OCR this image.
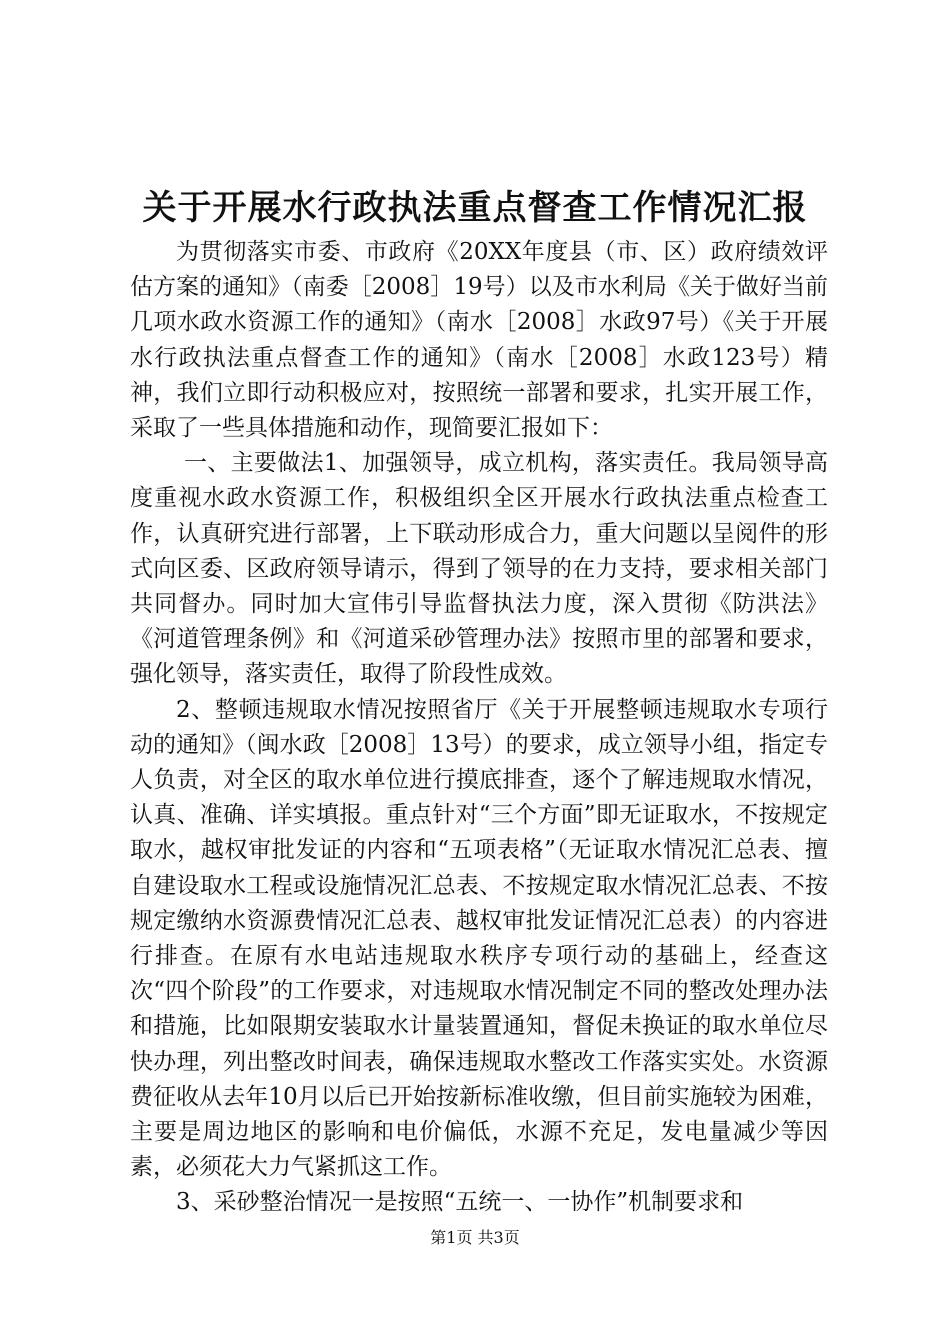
关于开展水行政执法重点督查工作情况汇报

为贯彻落实市委、市政府《20XX年度县（市、区）政府绩效评估方案的通知》（南委［2008］19号）以及市水利局《关于做好当前几项水政水资源工作的通知》（南水［2008］水政97号）《关于开展水行政执法重点督查工作的通知》（南水［2008］水政123号）精神，我们立即行动积极应对，按照统一部署和要求，扎实开展工作，采取了一些具体措施和动作，现简要汇报如下：

一、主要做法1、加强领导，成立机构，落实责任。我局领导高度重视水政水资源工作，积极组织全区开展水行政执法重点检查工作，认真研究进行部署，上下联动形成合力，重大问题以呈阅件的形式向区委、区政府领导请示，得到了领导的在力支持，要求相关部门共同督办。同时加大宣伟引导监督执法力度，深入贯彻《防洪法》《河道管理条例》和《河道采砂管理办法》按照市里的部署和要求，强化领导，落实责任，取得了阶段性成效。

2、整顿违规取水情况按照省厅《关于开展整顿违规取水专项行动的通知》（闽水政［2008］13号）的要求，成立领导小组，指定专人负责，对全区的取水单位进行摸底排查，逐个了解违规取水情况，认真、准确、详实填报。重点针对“三个方面”即无证取水，不按规定取水，越权审批发证的内容和“五项表格”（无证取水情况汇总表、擅自建设取水工程或设施情况汇总表、不按规定取水情况汇总表、不按规定缴纳水资源费情况汇总表、越权审批发证情况汇总表）的内容进行排查。在原有水电站违规取水秩序专项行动的基础上，经查这次“四个阶段”的工作要求，对违规取水情况制定不同的整改处理办法和措施，比如限期安装取水计量装置通知，督促未换证的取水单位尽快办理，列出整改时间表，确保违规取水整改工作落实实处。水资源费征收从去年10月以后已开始按新标准收缴，但目前实施较为困难，主要是周边地区的影响和电价偏低，水源不充足，发电量减少等因素，必须花大力气紧抓这工作。

3、采砂整治情况一是按照“五统一、一协作”机制要求和

第1页 共3页
